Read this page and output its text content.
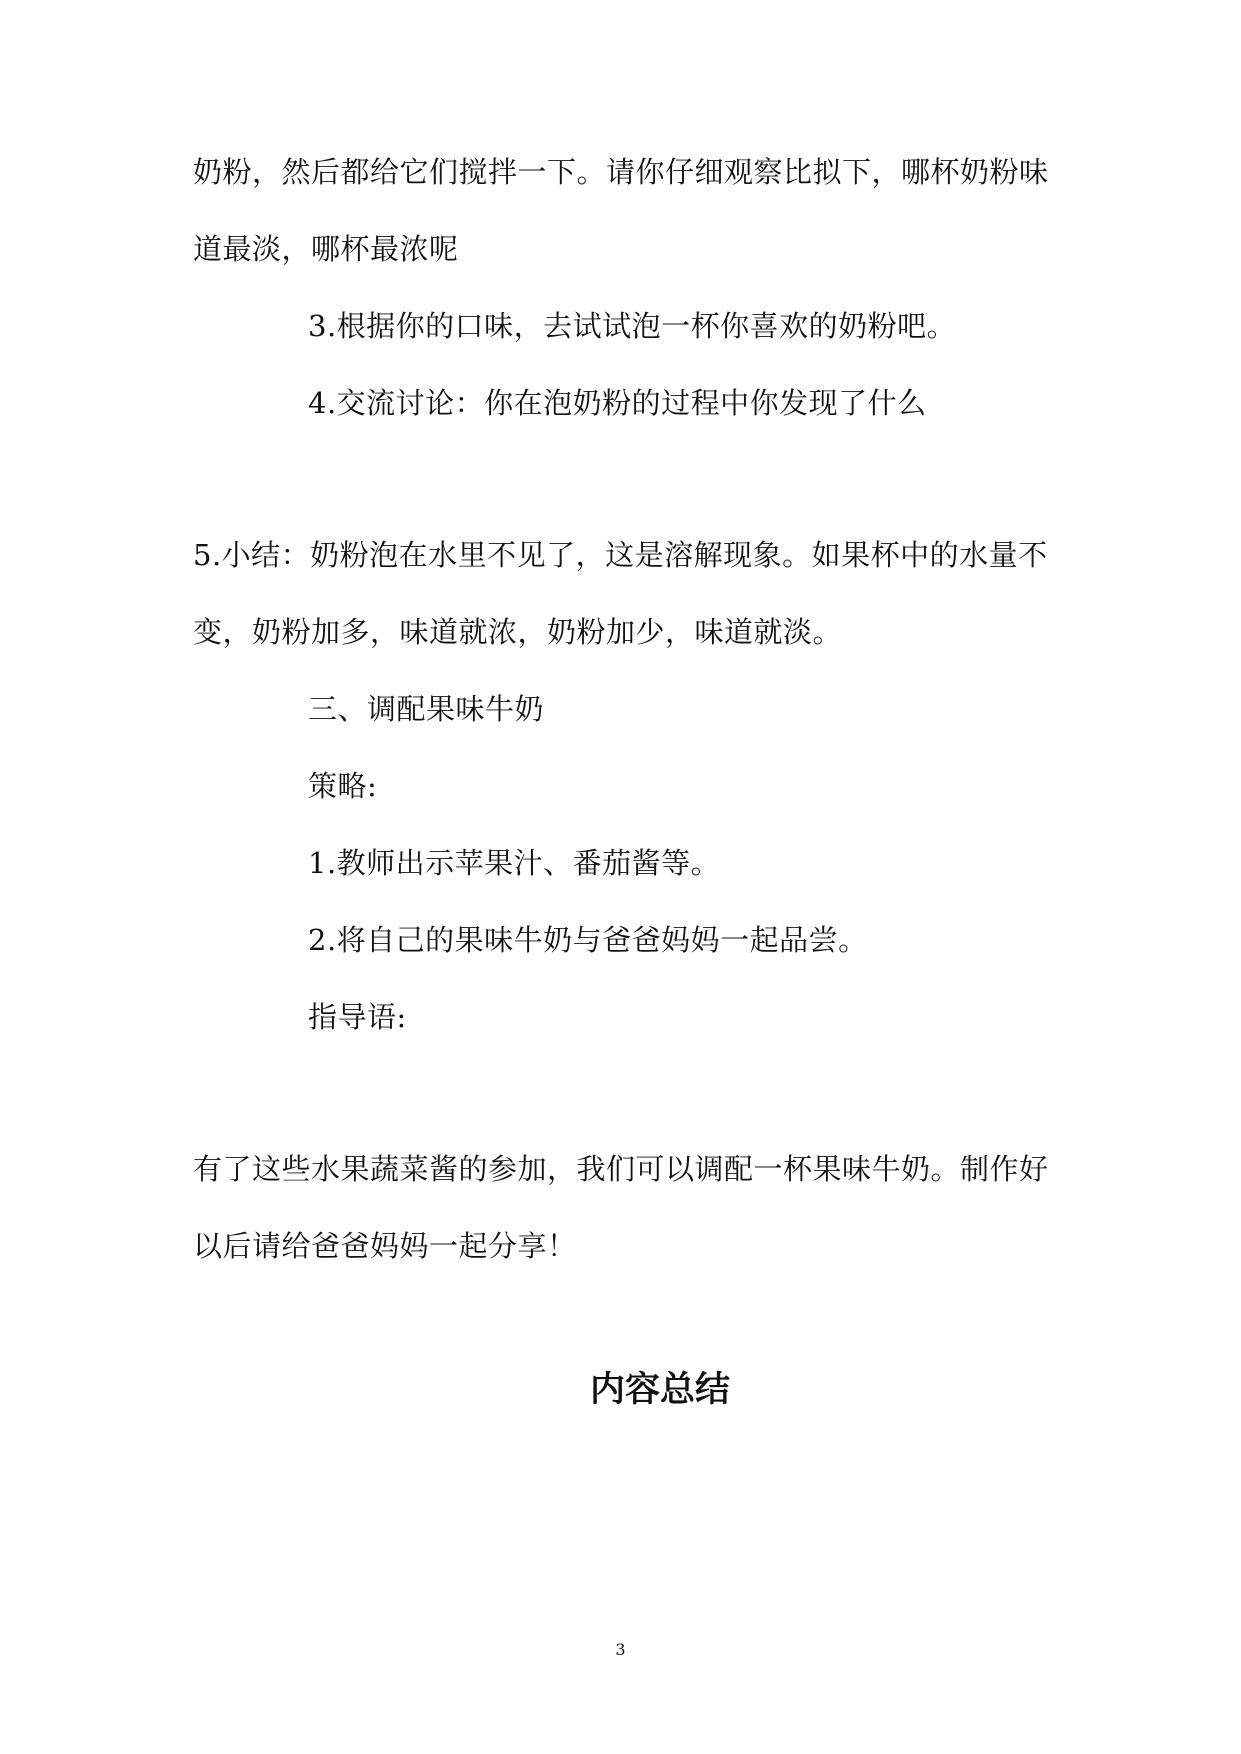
奶粉，然后都给它们搅拌一下。请你仔细观察比拟下，哪杯奶粉味
道最淡，哪杯最浓呢
3.根据你的口味，去试试泡一杯你喜欢的奶粉吧。
4.交流讨论：你在泡奶粉的过程中你发现了什么
5.小结：奶粉泡在水里不见了，这是溶解现象。如果杯中的水量不
变，奶粉加多，味道就浓，奶粉加少，味道就淡。
三、调配果味牛奶
策略:
1.教师出示苹果汁、番茄酱等。
2.将自己的果味牛奶与爸爸妈妈一起品尝。
指导语:
有了这些水果蔬菜酱的参加，我们可以调配一杯果味牛奶。制作好
以后请给爸爸妈妈一起分享！
内容总结
3
